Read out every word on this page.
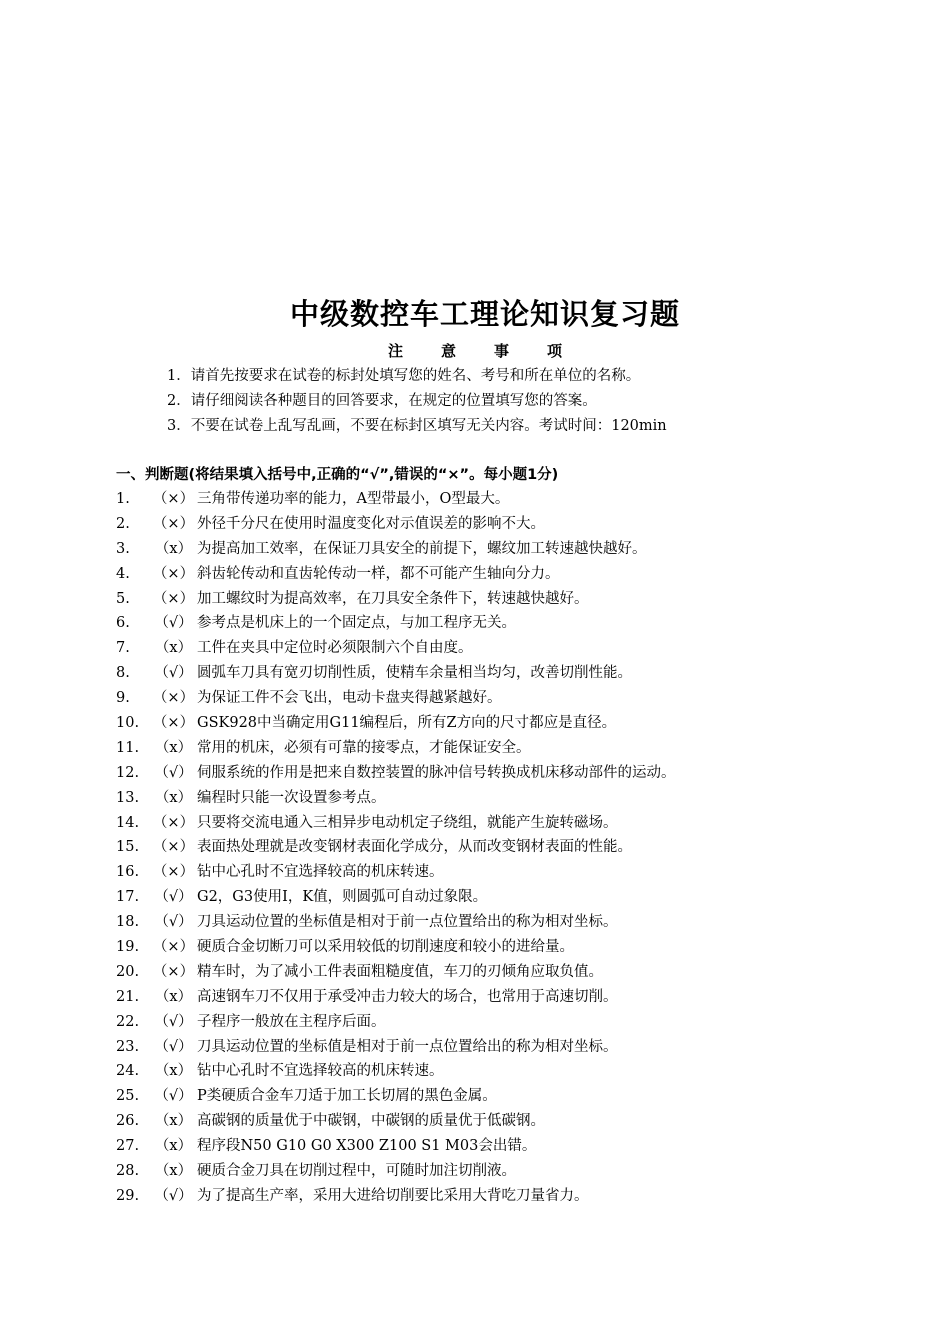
中级数控车工理论知识复习题
注	意	事	项
1．请首先按要求在试卷的标封处填写您的姓名、考号和所在单位的名称。
2．请仔细阅读各种题目的回答要求，在规定的位置填写您的答案。
3．不要在试卷上乱写乱画，不要在标封区填写无关内容。考试时间：120min
一、判断题(将结果填入括号中,正确的“√”,错误的“×”。每小题1分)
1.	（×） 三角带传递功率的能力，A型带最小，O型最大。
2.	（×） 外径千分尺在使用时温度变化对示值误差的影响不大。
3.	（x） 为提高加工效率，在保证刀具安全的前提下，螺纹加工转速越快越好。
4.	（×） 斜齿轮传动和直齿轮传动一样，都不可能产生轴向分力。
5.	（×） 加工螺纹时为提高效率，在刀具安全条件下，转速越快越好。
6.	（√） 参考点是机床上的一个固定点，与加工程序无关。
7.	（x） 工件在夹具中定位时必须限制六个自由度。
8.	（√） 圆弧车刀具有宽刃切削性质，使精车余量相当均匀，改善切削性能。
9.	（×） 为保证工件不会飞出，电动卡盘夹得越紧越好。
10. （×） GSK928中当确定用G11编程后，所有Z方向的尺寸都应是直径。
11.	（x） 常用的机床，必须有可靠的接零点，才能保证安全。
12.	（√） 伺服系统的作用是把来自数控装置的脉冲信号转换成机床移动部件的运动。
13.	（x） 编程时只能一次设置参考点。
14. （×） 只要将交流电通入三相异步电动机定子绕组，就能产生旋转磁场。
15. （×） 表面热处理就是改变钢材表面化学成分，从而改变钢材表面的性能。
16. （×） 钻中心孔时不宜选择较高的机床转速。
17.	（√） G2，G3使用I，K值，则圆弧可自动过象限。
18.	（√） 刀具运动位置的坐标值是相对于前一点位置给出的称为相对坐标。
19. （×） 硬质合金切断刀可以采用较低的切削速度和较小的进给量。
20. （×） 精车时，为了减小工件表面粗糙度值，车刀的刃倾角应取负值。
21.	（x） 高速钢车刀不仅用于承受冲击力较大的场合，也常用于高速切削。
22.	（√） 子程序一般放在主程序后面。
23.	（√） 刀具运动位置的坐标值是相对于前一点位置给出的称为相对坐标。
24.	（x） 钻中心孔时不宜选择较高的机床转速。
25.	（√） P类硬质合金车刀适于加工长切屑的黑色金属。
26.	（x） 高碳钢的质量优于中碳钢，中碳钢的质量优于低碳钢。
27.	（x） 程序段N50 G10 G0 X300 Z100 S1 M03会出错。
28.	（x） 硬质合金刀具在切削过程中，可随时加注切削液。
29.	（√） 为了提高生产率，采用大进给切削要比采用大背吃刀量省力。
